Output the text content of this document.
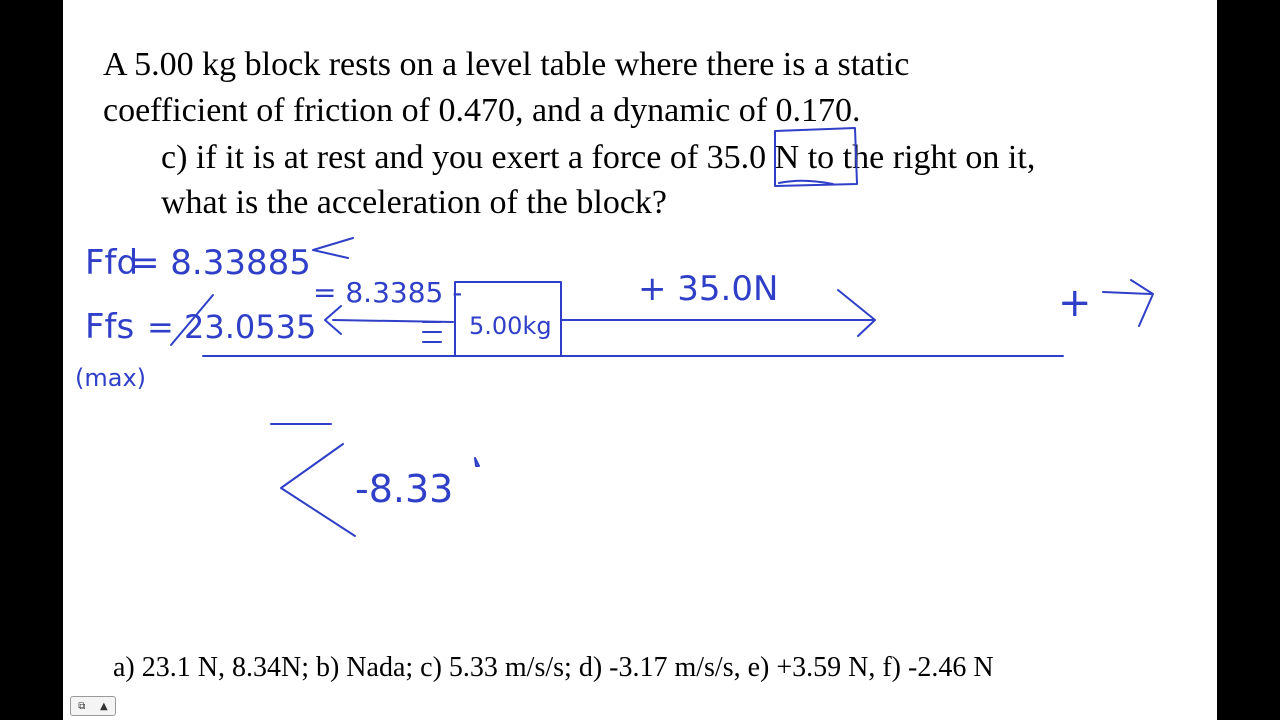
A 5.00 kg block rests on a level table where there is a static
coefficient of friction of 0.470, and a dynamic of 0.170.
c) if it is at rest and you exert a force of 35.0 N to the right on it,
what is the acceleration of the block?
Ffd
= 8.33885
Ffs = 23.0535
(max)
= 8.3385 -
5.00kg
+ 35.0N	+
-8.33
a) 23.1 N, 8.34N; b) Nada; c) 5.33 m/s/s; d) -3.17 m/s/s, e) +3.59 N, f) -2.46 N
⧉ ▲
